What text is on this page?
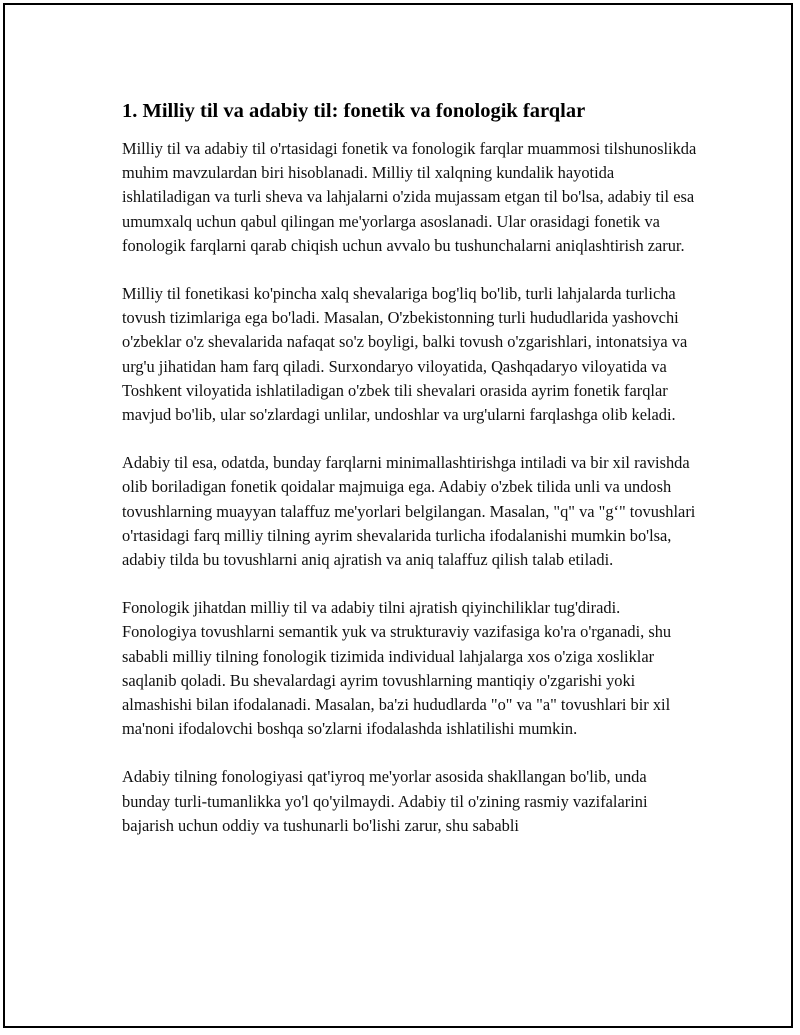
1. Milliy til va adabiy til: fonetik va fonologik farqlar

Milliy til va adabiy til o'rtasidagi fonetik va fonologik farqlar muammosi tilshunoslikda muhim mavzulardan biri hisoblanadi. Milliy til xalqning kundalik hayotida ishlatiladigan va turli sheva va lahjalarni o'zida mujassam etgan til bo'lsa, adabiy til esa umumxalq uchun qabul qilingan me'yorlarga asoslanadi. Ular orasidagi fonetik va fonologik farqlarni qarab chiqish uchun avvalo bu tushunchalarni aniqlashtirish zarur.

Milliy til fonetikasi ko'pincha xalq shevalariga bog'liq bo'lib, turli lahjalarda turlicha tovush tizimlariga ega bo'ladi. Masalan, O'zbekistonning turli hududlarida yashovchi o'zbeklar o'z shevalarida nafaqat so'z boyligi, balki tovush o'zgarishlari, intonatsiya va urg'u jihatidan ham farq qiladi. Surxondaryo viloyatida, Qashqadaryo viloyatida va Toshkent viloyatida ishlatiladigan o'zbek tili shevalari orasida ayrim fonetik farqlar mavjud bo'lib, ular so'zlardagi unlilar, undoshlar va urg'ularni farqlashga olib keladi.

Adabiy til esa, odatda, bunday farqlarni minimallashtirishga intiladi va bir xil ravishda olib boriladigan fonetik qoidalar majmuiga ega. Adabiy o'zbek tilida unli va undosh tovushlarning muayyan talaffuz me'yorlari belgilangan. Masalan, "q" va "g‘" tovushlari o'rtasidagi farq milliy tilning ayrim shevalarida turlicha ifodalanishi mumkin bo'lsa, adabiy tilda bu tovushlarni aniq ajratish va aniq talaffuz qilish talab etiladi.

Fonologik jihatdan milliy til va adabiy tilni ajratish qiyinchiliklar tug'diradi. Fonologiya tovushlarni semantik yuk va strukturaviy vazifasiga ko'ra o'rganadi, shu sababli milliy tilning fonologik tizimida individual lahjalarga xos o'ziga xosliklar saqlanib qoladi. Bu shevalardagi ayrim tovushlarning mantiqiy o'zgarishi yoki almashishi bilan ifodalanadi. Masalan, ba'zi hududlarda "o" va "a" tovushlari bir xil ma'noni ifodalovchi boshqa so'zlarni ifodalashda ishlatilishi mumkin.

Adabiy tilning fonologiyasi qat'iyroq me'yorlar asosida shakllangan bo'lib, unda bunday turli-tumanlikka yo'l qo'yilmaydi. Adabiy til o'zining rasmiy vazifalarini bajarish uchun oddiy va tushunarli bo'lishi zarur, shu sababli
